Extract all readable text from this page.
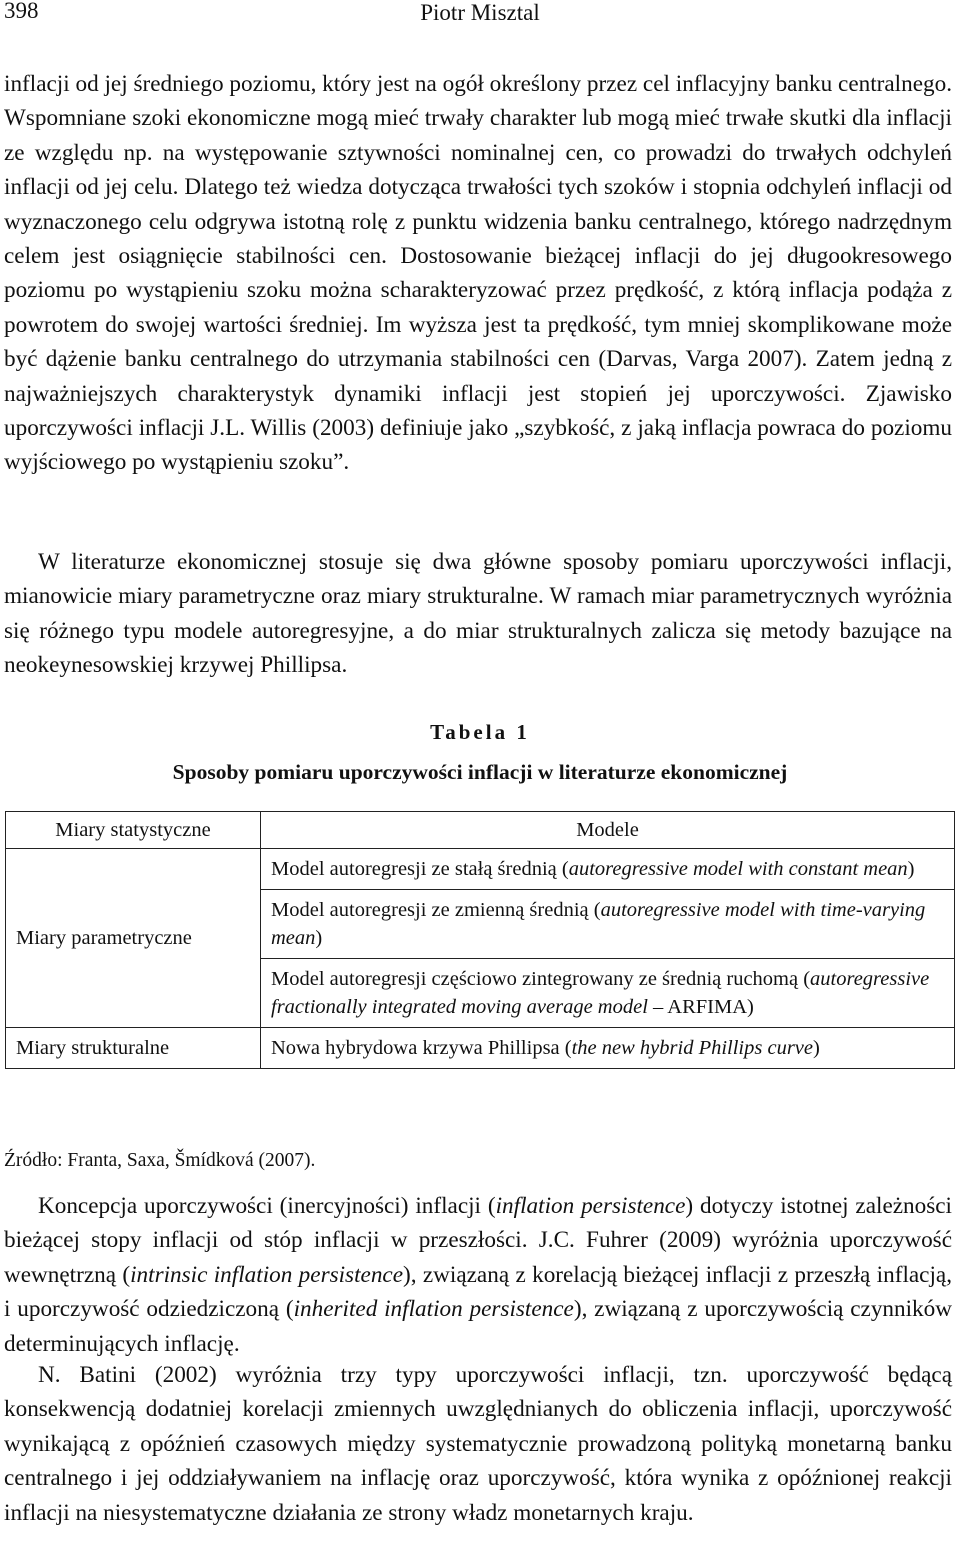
398	Piotr Misztal

inflacji od jej średniego poziomu, który jest na ogół określony przez cel inflacyjny banku centralnego. Wspomniane szoki ekonomiczne mogą mieć trwały charakter lub mogą mieć trwałe skutki dla inflacji ze względu np. na występowanie sztywności nominalnej cen, co prowadzi do trwałych odchyleń inflacji od jej celu. Dlatego też wiedza dotycząca trwałości tych szoków i stopnia odchyleń inflacji od wyznaczonego celu odgrywa istotną rolę z punktu widzenia banku centralnego, którego nadrzędnym celem jest osiągnięcie stabilności cen. Dostosowanie bieżącej inflacji do jej długookresowego poziomu po wystąpieniu szoku można scharakteryzować przez prędkość, z którą inflacja podąża z powrotem do swojej wartości średniej. Im wyższa jest ta prędkość, tym mniej skomplikowane może być dążenie banku centralnego do utrzymania stabilności cen (Darvas, Varga 2007). Zatem jedną z najważniejszych charakterystyk dynamiki inflacji jest stopień jej uporczywości. Zjawisko uporczywości inflacji J.L. Willis (2003) definiuje jako „szybkość, z jaką inflacja powraca do poziomu wyjściowego po wystąpieniu szoku”.

W literaturze ekonomicznej stosuje się dwa główne sposoby pomiaru uporczywości inflacji, mianowicie miary parametryczne oraz miary strukturalne. W ramach miar parametrycznych wyróżnia się różnego typu modele autoregresyjne, a do miar strukturalnych zalicza się metody bazujące na neokeynesowskiej krzywej Phillipsa.

Tabela 1
Sposoby pomiaru uporczywości inflacji w literaturze ekonomicznej
Miary statystyczne	Modele
Miary parametryczne	Model autoregresji ze stałą średnią (autoregressive model with constant mean)
	Model autoregresji ze zmienną średnią (autoregressive model with time-varying mean)
	Model autoregresji częściowo zintegrowany ze średnią ruchomą (autoregressive fractionally integrated moving average model – ARFIMA)
Miary strukturalne	Nowa hybrydowa krzywa Phillipsa (the new hybrid Phillips curve)
Źródło: Franta, Saxa, Šmídková (2007).

Koncepcja uporczywości (inercyjności) inflacji (inflation persistence) dotyczy istotnej zależności bieżącej stopy inflacji od stóp inflacji w przeszłości. J.C. Fuhrer (2009) wyróżnia uporczywość wewnętrzną (intrinsic inflation persistence), związaną z korelacją bieżącej inflacji z przeszłą inflacją, i uporczywość odziedziczoną (inherited inflation persistence), związaną z uporczywością czynników determinujących inflację.

N. Batini (2002) wyróżnia trzy typy uporczywości inflacji, tzn. uporczywość będącą konsekwencją dodatniej korelacji zmiennych uwzględnianych do obliczenia inflacji, uporczywość wynikającą z opóźnień czasowych między systematycznie prowadzoną polityką monetarną banku centralnego i jej oddziaływaniem na inflację oraz uporczywość, która wynika z opóźnionej reakcji inflacji na niesystematyczne działania ze strony władz monetarnych kraju.
